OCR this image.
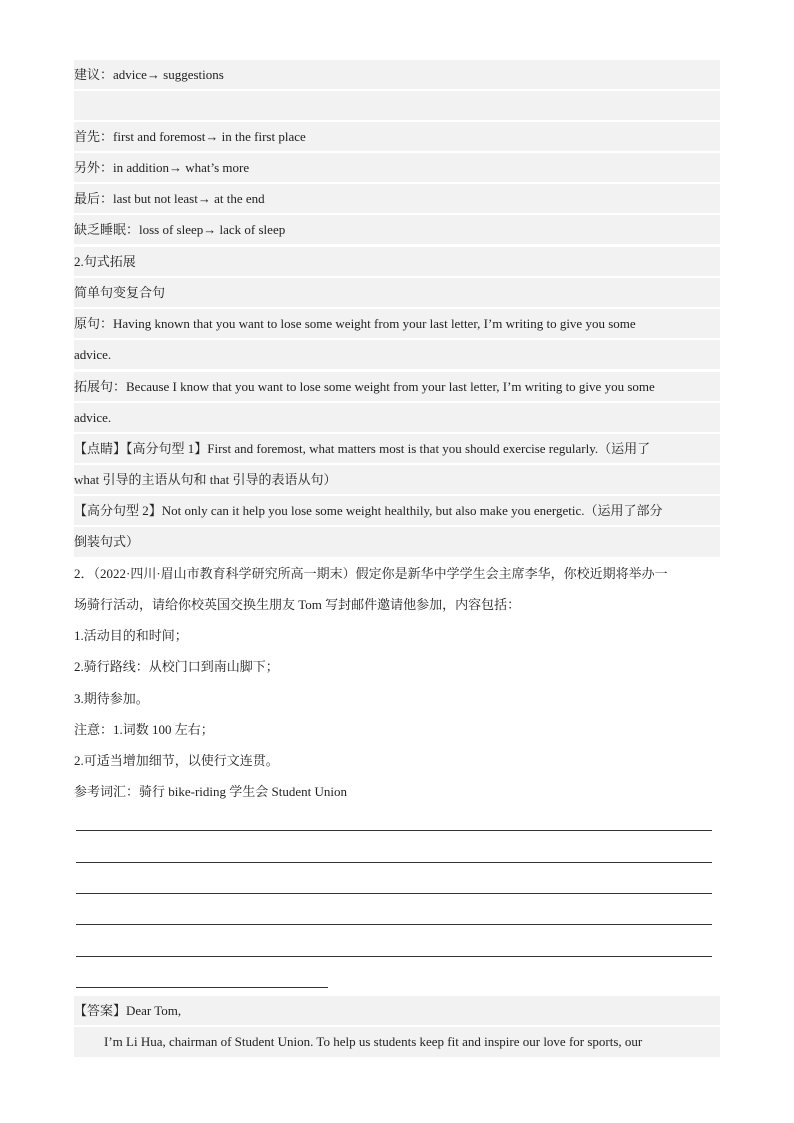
建议：advice→ suggestions
首先：first and foremost→ in the first place
另外：in addition→ what’s more
最后：last but not least→ at the end
缺乏睡眠：loss of sleep→ lack of sleep
2.句式拓展
简单句变复合句
原句：Having known that you want to lose some weight from your last letter, I’m writing to give you some
advice.
拓展句：Because I know that you want to lose some weight from your last letter, I’m writing to give you some
advice.
【点睛】【高分句型 1】First and foremost, what matters most is that you should exercise regularly.（运用了
what 引导的主语从句和 that 引导的表语从句）
【高分句型 2】Not only can it help you lose some weight healthily, but also make you energetic.（运用了部分
倒装句式）
2．（2022·四川·眉山市教育科学研究所高一期末）假定你是新华中学学生会主席李华，你校近期将举办一
场骑行活动，请给你校英国交换生朋友 Tom 写封邮件邀请他参加，内容包括：
1.活动目的和时间；
2.骑行路线：从校门口到南山脚下；
3.期待参加。
注意：1.词数 100 左右；
2.可适当增加细节，以使行文连贯。
参考词汇：骑行 bike-riding 学生会 Student Union
【答案】Dear Tom,
I’m Li Hua, chairman of Student Union. To help us students keep fit and inspire our love for sports, our
